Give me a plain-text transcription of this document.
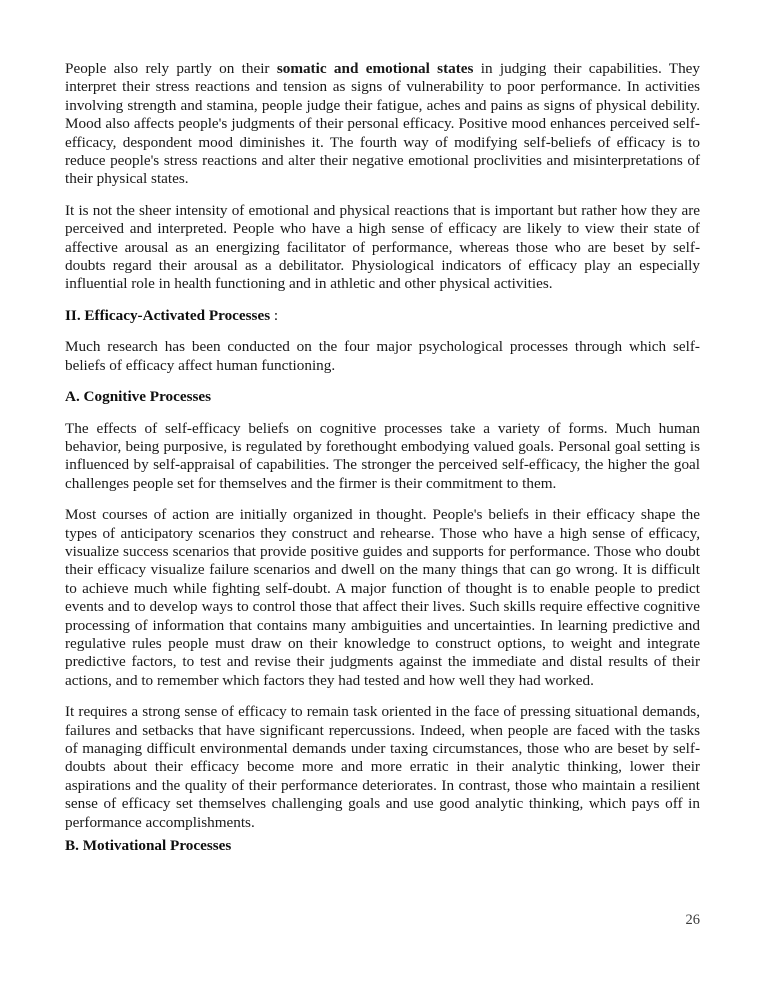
People also rely partly on their somatic and emotional states in judging their capabilities. They interpret their stress reactions and tension as signs of vulnerability to poor performance. In activities involving strength and stamina, people judge their fatigue, aches and pains as signs of physical debility. Mood also affects people's judgments of their personal efficacy. Positive mood enhances perceived self-efficacy, despondent mood diminishes it. The fourth way of modifying self-beliefs of efficacy is to reduce people's stress reactions and alter their negative emotional proclivities and misinterpretations of their physical states.

It is not the sheer intensity of emotional and physical reactions that is important but rather how they are perceived and interpreted. People who have a high sense of efficacy are likely to view their state of affective arousal as an energizing facilitator of performance, whereas those who are beset by self- doubts regard their arousal as a debilitator. Physiological indicators of efficacy play an especially influential role in health functioning and in athletic and other physical activities.

II. Efficacy-Activated Processes :

Much research has been conducted on the four major psychological processes through which self-beliefs of efficacy affect human functioning.

A. Cognitive Processes

The effects of self-efficacy beliefs on cognitive processes take a variety of forms. Much human behavior, being purposive, is regulated by forethought embodying valued goals. Personal goal setting is influenced by self-appraisal of capabilities. The stronger the perceived self-efficacy, the higher the goal challenges people set for themselves and the firmer is their commitment to them.

Most courses of action are initially organized in thought. People's beliefs in their efficacy shape the types of anticipatory scenarios they construct and rehearse. Those who have a high sense of efficacy, visualize success scenarios that provide positive guides and supports for performance. Those who doubt their efficacy visualize failure scenarios and dwell on the many things that can go wrong. It is difficult to achieve much while fighting self-doubt. A major function of thought is to enable people to predict events and to develop ways to control those that affect their lives. Such skills require effective cognitive processing of information that contains many ambiguities and uncertainties. In learning predictive and regulative rules people must draw on their knowledge to construct options, to weight and integrate predictive factors, to test and revise their judgments against the immediate and distal results of their actions, and to remember which factors they had tested and how well they had worked.

It requires a strong sense of efficacy to remain task oriented in the face of pressing situational demands, failures and setbacks that have significant repercussions. Indeed, when people are faced with the tasks of managing difficult environmental demands under taxing circumstances, those who are beset by self-doubts about their efficacy become more and more erratic in their analytic thinking, lower their aspirations and the quality of their performance deteriorates. In contrast, those who maintain a resilient sense of efficacy set themselves challenging goals and use good analytic thinking, which pays off in performance accomplishments.

B. Motivational Processes
26
